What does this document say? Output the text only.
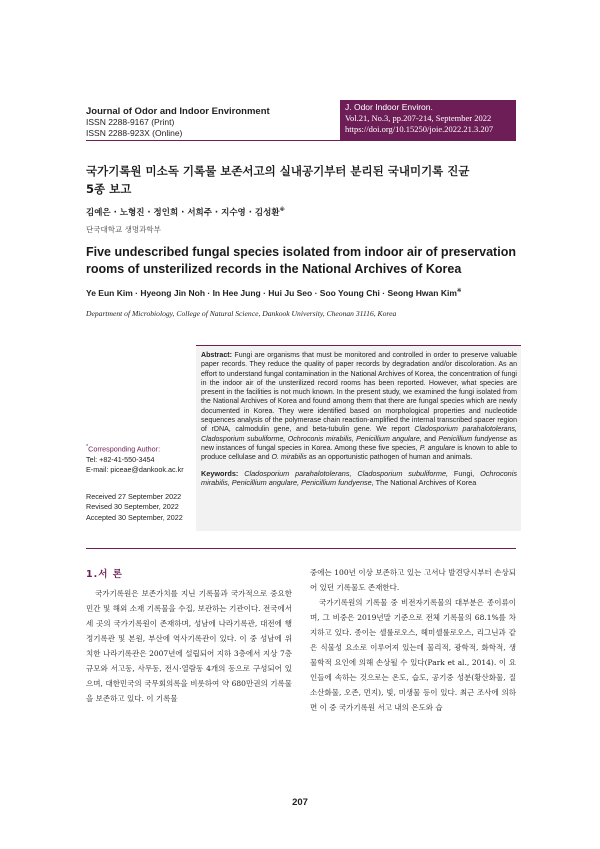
Journal of Odor and Indoor Environment
ISSN 2288-9167 (Print)
ISSN 2288-923X (Online)
J. Odor Indoor Environ.
Vol.21, No.3, pp.207-214, September 2022
https://doi.org/10.15250/joie.2022.21.3.207
국가기록원 미소독 기록물 보존서고의 실내공기부터 분리된 국내미기록 진균
5종 보고
김예은 · 노형진 · 정인희 · 서희주 · 지수영 · 김성환※
단국대학교 생명과학부
Five undescribed fungal species isolated from indoor air of preservation
rooms of unsterilized records in the National Archives of Korea
Ye Eun Kim · Hyeong Jin Noh · In Hee Jung · Hui Ju Seo · Soo Young Chi · Seong Hwan Kim※
Department of Microbiology, College of Natural Science, Dankook University, Cheonan 31116, Korea
*Corresponding Author:
Tel: +82-41-550-3454
E-mail: piceae@dankook.ac.kr
Received 27 September 2022
Revised 30 September, 2022
Accepted 30 September, 2022
Abstract: Fungi are organisms that must be monitored and controlled in order to preserve valuable paper records. They reduce the quality of paper records by degradation and/or discoloration. As an effort to understand fungal contamination in the National Archives of Korea, the concentration of fungi in the indoor air of the unsterilized record rooms has been reported. However, what species are present in the facilities is not much known. In the present study, we examined the fungi isolated from the National Archives of Korea and found among them that there are fungal species which are newly documented in Korea. They were identified based on morphological properties and nucleotide sequences analysis of the polymerase chain reaction-amplified the internal transcribed spacer region of rDNA, calmodulin gene, and beta-tubulin gene. We report Cladosporium parahalotolerans, Cladosporium subuliforme, Ochroconis mirabilis, Penicillium angulare, and Penicillium fundyense as new instances of fungal species in Korea. Among these five species, P. angulare is known to able to produce cellulase and O. mirabilis as an opportunistic pathogen of human and animals.
Keywords: Cladosporium parahalotolerans, Cladosporium subuliforme, Fungi, Ochroconis mirabilis, Penicillium angulare, Penicillium fundyense, The National Archives of Korea
1.서 론

국가기록원은 보존가치를 지닌 기록물과 국가적으로 중요한 민간 및 해외 소재 기록물을 수집, 보관하는 기관이다. 전국에서 세 곳의 국가기록원이 존재하며, 성남에 나라기록관, 대전에 행정기록관 및 본원, 부산에 역사기록관이 있다. 이 중 성남에 위치한 나라기록관은 2007년에 설립되어 지하 3층에서 지상 7층 규모와 서고동, 사무동, 전시·열람동 4개의 동으로 구성되어 있으며, 대한민국의 국무회의록을 비롯하여 약 680만권의 기록물을 보존하고 있다. 이 기록물

중에는 100년 이상 보존하고 있는 고서나 발견당시부터 손상되어 있던 기록물도 존재한다.

국가기록원의 기록물 중 비전자기록물의 대부분은 종이류이며, 그 비중은 2019년말 기준으로 전체 기록물의 68.1%를 차지하고 있다. 종이는 셀룰로오스, 헤미셀룰로오스, 리그닌과 같은 식물성 요소로 이루어져 있는데 물리적, 광학적, 화학적, 생물학적 요인에 의해 손상될 수 있다(Park et al., 2014). 이 요인들에 속하는 것으로는 온도, 습도, 공기중 성분(황산화물, 질소산화물, 오존, 먼지), 빛, 미생물 등이 있다. 최근 조사에 의하면 이 중 국가기록원 서고 내의 온도와 습

207
